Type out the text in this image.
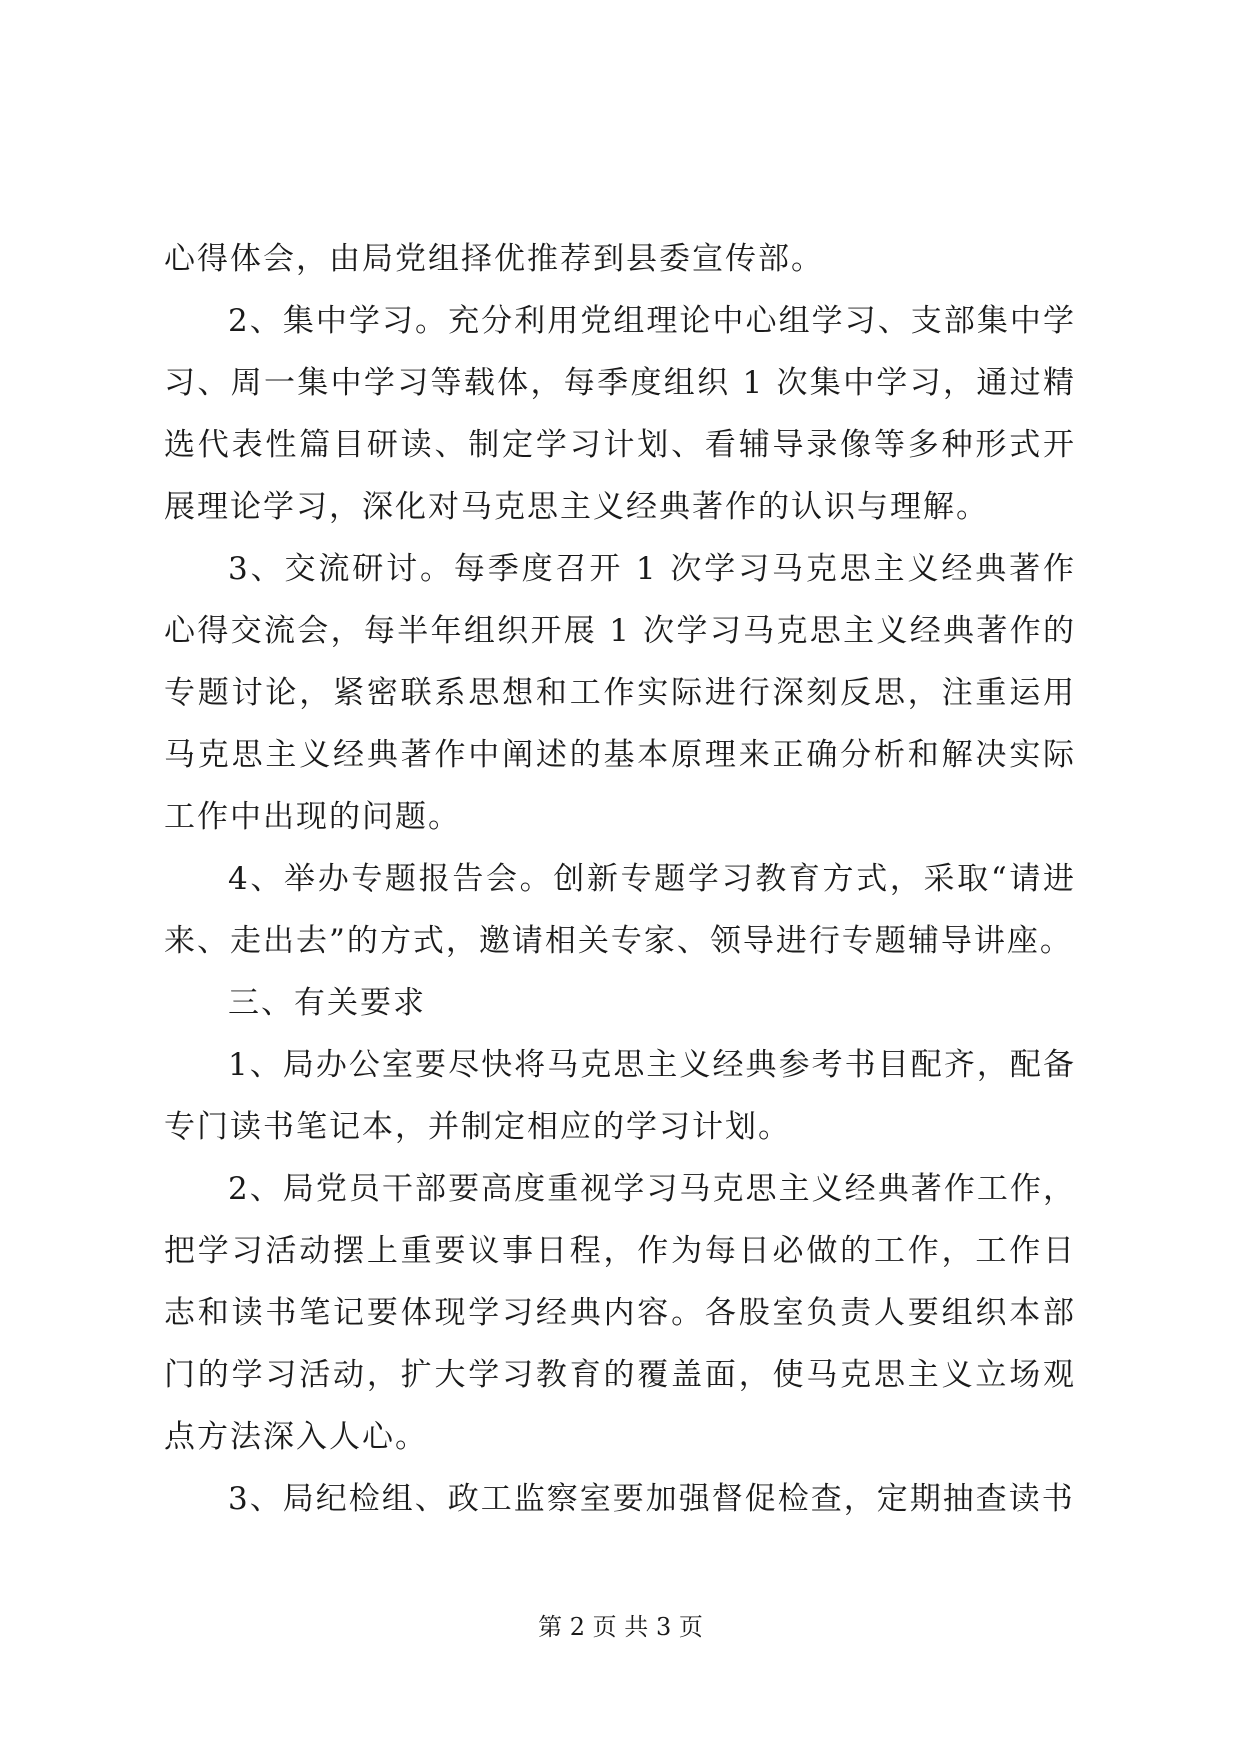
心得体会，由局党组择优推荐到县委宣传部。

2、集中学习。充分利用党组理论中心组学习、支部集中学习、周一集中学习等载体，每季度组织 1 次集中学习，通过精选代表性篇目研读、制定学习计划、看辅导录像等多种形式开展理论学习，深化对马克思主义经典著作的认识与理解。

3、交流研讨。每季度召开 1 次学习马克思主义经典著作心得交流会，每半年组织开展 1 次学习马克思主义经典著作的专题讨论，紧密联系思想和工作实际进行深刻反思，注重运用马克思主义经典著作中阐述的基本原理来正确分析和解决实际工作中出现的问题。

4、举办专题报告会。创新专题学习教育方式，采取“请进来、走出去”的方式，邀请相关专家、领导进行专题辅导讲座。

三、有关要求

1、局办公室要尽快将马克思主义经典参考书目配齐，配备专门读书笔记本，并制定相应的学习计划。

2、局党员干部要高度重视学习马克思主义经典著作工作，把学习活动摆上重要议事日程，作为每日必做的工作，工作日志和读书笔记要体现学习经典内容。各股室负责人要组织本部门的学习活动，扩大学习教育的覆盖面，使马克思主义立场观点方法深入人心。

3、局纪检组、政工监察室要加强督促检查，定期抽查读书

第 2 页 共 3 页
